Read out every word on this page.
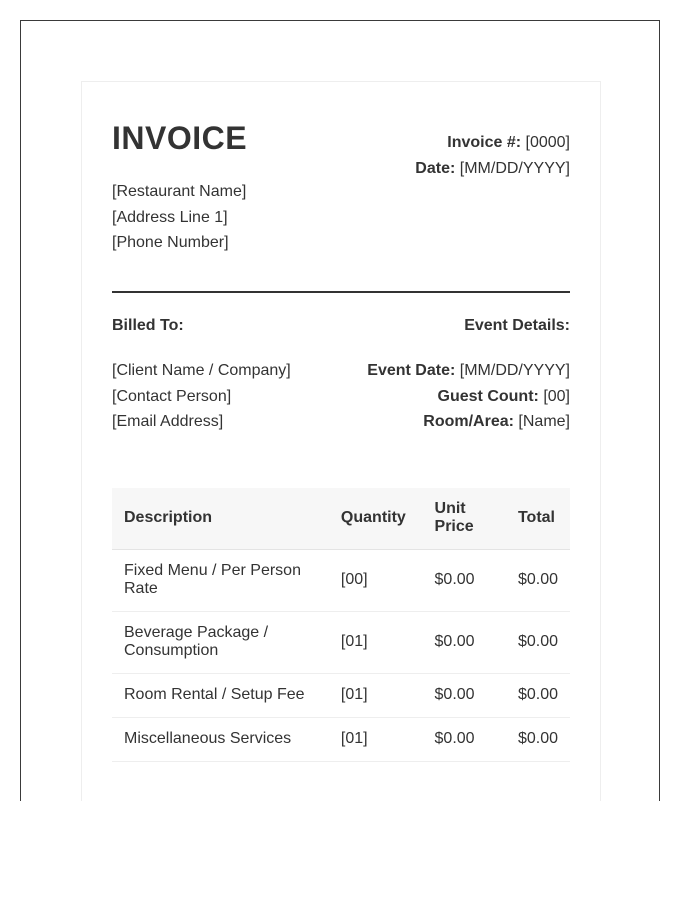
INVOICE	Invoice #: [0000]
Date: [MM/DD/YYYY]
[Restaurant Name]
[Address Line 1]
[Phone Number]
Billed To:
[Client Name / Company]
[Contact Person]
[Email Address]
Event Details:
Event Date: [MM/DD/YYYY]
Guest Count: [00]
Room/Area: [Name]
Description	Quantity	Unit Price	Total
Fixed Menu / Per Person Rate	[00]	$0.00	$0.00
Beverage Package / Consumption	[01]	$0.00	$0.00
Room Rental / Setup Fee	[01]	$0.00	$0.00
Miscellaneous Services	[01]	$0.00	$0.00
